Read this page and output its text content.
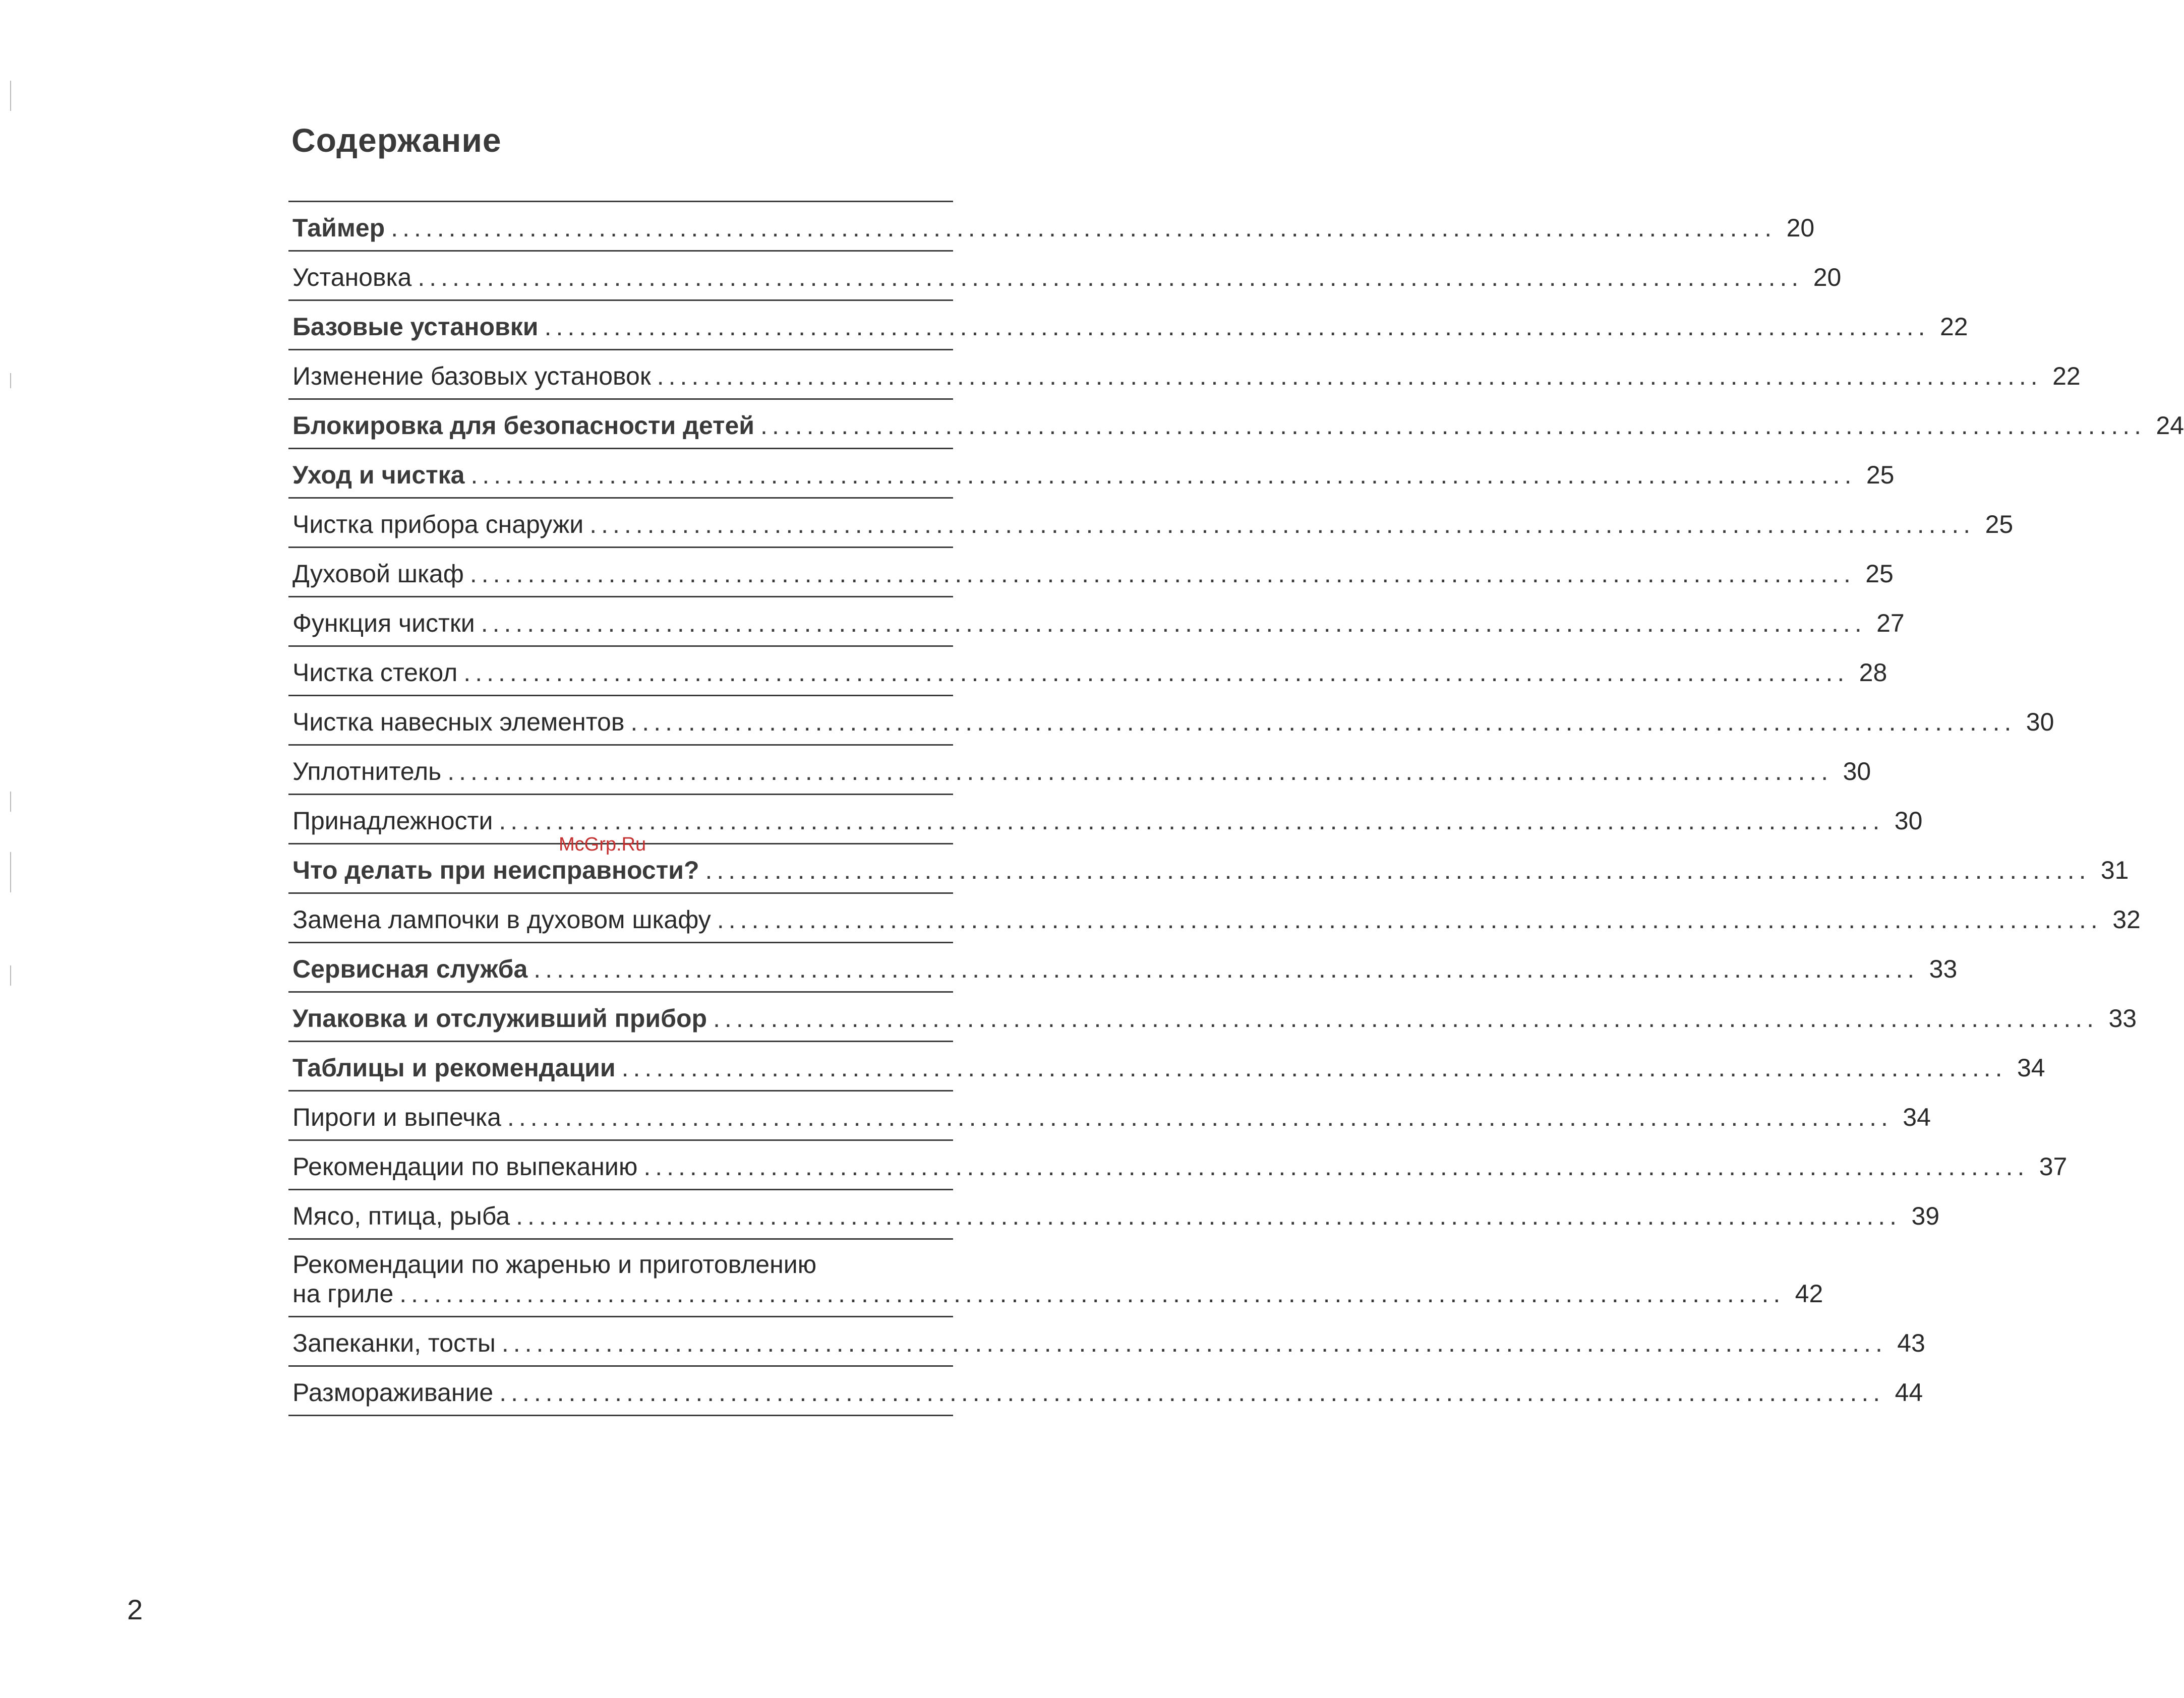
Содержание
Таймер ........................................................................................................................ 20
Установка ........................................................................................................................ 20
Базовые установки ........................................................................................................................ 22
Изменение базовых установок ........................................................................................................................ 22
Блокировка для безопасности детей ........................................................................................................................ 24
Уход и чистка ........................................................................................................................ 25
Чистка прибора снаружи ........................................................................................................................ 25
Духовой шкаф ........................................................................................................................ 25
Функция чистки ........................................................................................................................ 27
Чистка стекол ........................................................................................................................ 28
Чистка навесных элементов ........................................................................................................................ 30
Уплотнитель ........................................................................................................................ 30
Принадлежности ........................................................................................................................ 30
Что делать при неисправности? ........................................................................................................................ 31
Замена лампочки в духовом шкафу ........................................................................................................................ 32
Сервисная служба ........................................................................................................................ 33
Упаковка и отслуживший прибор ........................................................................................................................ 33
Таблицы и рекомендации ........................................................................................................................ 34
Пироги и выпечка ........................................................................................................................ 34
Рекомендации по выпеканию ........................................................................................................................ 37
Мясо, птица, рыба ........................................................................................................................ 39
Рекомендации по жаренью и приготовлению
на гриле ........................................................................................................................ 42
Запеканки, тосты ........................................................................................................................ 43
Размораживание ........................................................................................................................ 44
McGrp.Ru
2
